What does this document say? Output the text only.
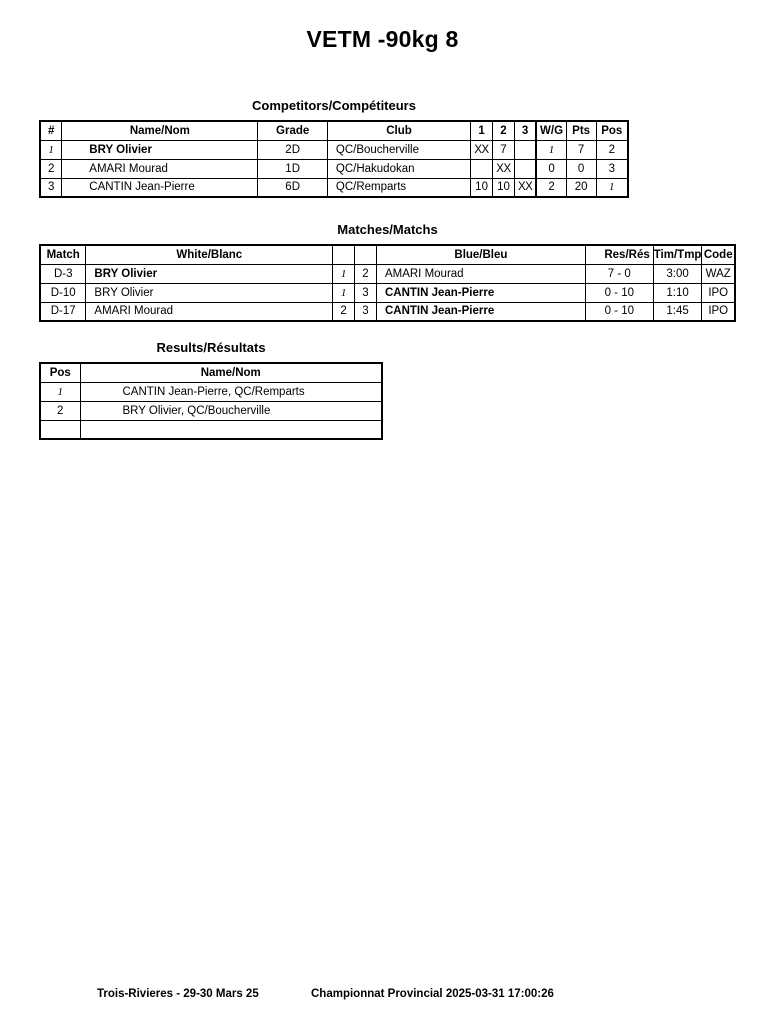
VETM -90kg 8
Competitors/Compétiteurs
#	Name/Nom	Grade	Club	1	2	3	W/G	Pts	Pos
1	BRY Olivier	2D	QC/Boucherville	XX	7		1	7	2
2	AMARI Mourad	1D	QC/Hakudokan		XX		0	0	3
3	CANTIN Jean-Pierre	6D	QC/Remparts	10	10	XX	2	20	1
Matches/Matchs
Match	White/Blanc			Blue/Bleu	Res/Rés	Tim/Tmp	Code
D-3	BRY Olivier	1	2	AMARI Mourad	7 - 0	3:00	WAZ
D-10	BRY Olivier	1	3	CANTIN Jean-Pierre	0 - 10	1:10	IPO
D-17	AMARI Mourad	2	3	CANTIN Jean-Pierre	0 - 10	1:45	IPO
Results/Résultats
Pos	Name/Nom
1	CANTIN Jean-Pierre, QC/Remparts
2	BRY Olivier, QC/Boucherville

Trois-Rivieres - 29-30 Mars 25	Championnat Provincial 2025-03-31 17:00:26
